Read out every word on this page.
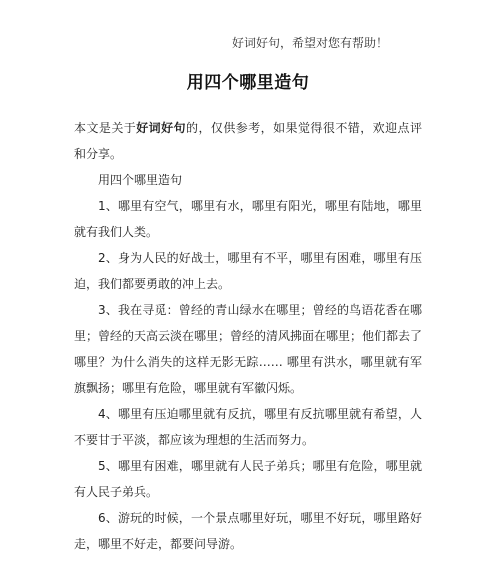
好词好句，希望对您有帮助！
用四个哪里造句

本文是关于好词好句的，仅供参考，如果觉得很不错，欢迎点评和分享。

用四个哪里造句

1、哪里有空气，哪里有水，哪里有阳光，哪里有陆地，哪里就有我们人类。

2、身为人民的好战士，哪里有不平，哪里有困难，哪里有压迫，我们都要勇敢的冲上去。

3、我在寻觅：曾经的青山绿水在哪里；曾经的鸟语花香在哪里；曾经的天高云淡在哪里；曾经的清风拂面在哪里；他们都去了哪里？为什么消失的这样无影无踪…… 哪里有洪水，哪里就有军旗飘扬；哪里有危险，哪里就有军徽闪烁。

4、哪里有压迫哪里就有反抗，哪里有反抗哪里就有希望，人不要甘于平淡，都应该为理想的生活而努力。

5、哪里有困难，哪里就有人民子弟兵；哪里有危险，哪里就有人民子弟兵。

6、游玩的时候，一个景点哪里好玩，哪里不好玩，哪里路好走，哪里不好走，都要问导游。
